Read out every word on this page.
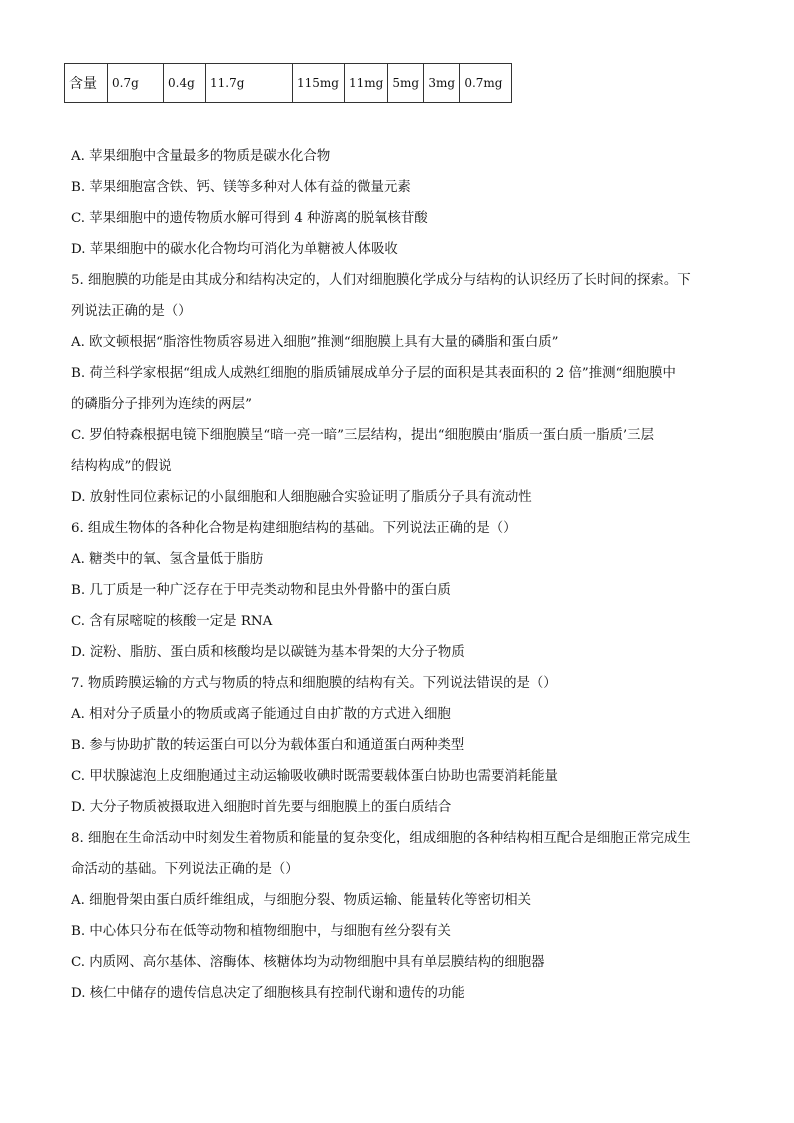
含量	0.7g	0.4g	11.7g	115mg	11mg	5mg	3mg	0.7mg
A. 苹果细胞中含量最多的物质是碳水化合物
B. 苹果细胞富含铁、钙、镁等多种对人体有益的微量元素
C. 苹果细胞中的遗传物质水解可得到 4 种游离的脱氧核苷酸
D. 苹果细胞中的碳水化合物均可消化为单糖被人体吸收
5. 细胞膜的功能是由其成分和结构决定的，人们对细胞膜化学成分与结构的认识经历了长时间的探索。下
列说法正确的是（）
A. 欧文顿根据“脂溶性物质容易进入细胞”推测“细胞膜上具有大量的磷脂和蛋白质”
B. 荷兰科学家根据“组成人成熟红细胞的脂质铺展成单分子层的面积是其表面积的 2 倍”推测“细胞膜中
的磷脂分子排列为连续的两层”
C. 罗伯特森根据电镜下细胞膜呈“暗一亮一暗”三层结构，提出“细胞膜由‘脂质一蛋白质一脂质’三层
结构构成”的假说
D. 放射性同位素标记的小鼠细胞和人细胞融合实验证明了脂质分子具有流动性
6. 组成生物体的各种化合物是构建细胞结构的基础。下列说法正确的是（）
A. 糖类中的氧、氢含量低于脂肪
B. 几丁质是一种广泛存在于甲壳类动物和昆虫外骨骼中的蛋白质
C. 含有尿嘧啶的核酸一定是 RNA
D. 淀粉、脂肪、蛋白质和核酸均是以碳链为基本骨架的大分子物质
7. 物质跨膜运输的方式与物质的特点和细胞膜的结构有关。下列说法错误的是（）
A. 相对分子质量小的物质或离子能通过自由扩散的方式进入细胞
B. 参与协助扩散的转运蛋白可以分为载体蛋白和通道蛋白两种类型
C. 甲状腺滤泡上皮细胞通过主动运输吸收碘时既需要载体蛋白协助也需要消耗能量
D. 大分子物质被摄取进入细胞时首先要与细胞膜上的蛋白质结合
8. 细胞在生命活动中时刻发生着物质和能量的复杂变化，组成细胞的各种结构相互配合是细胞正常完成生
命活动的基础。下列说法正确的是（）
A. 细胞骨架由蛋白质纤维组成，与细胞分裂、物质运输、能量转化等密切相关
B. 中心体只分布在低等动物和植物细胞中，与细胞有丝分裂有关
C. 内质网、高尔基体、溶酶体、核糖体均为动物细胞中具有单层膜结构的细胞器
D. 核仁中储存的遗传信息决定了细胞核具有控制代谢和遗传的功能
